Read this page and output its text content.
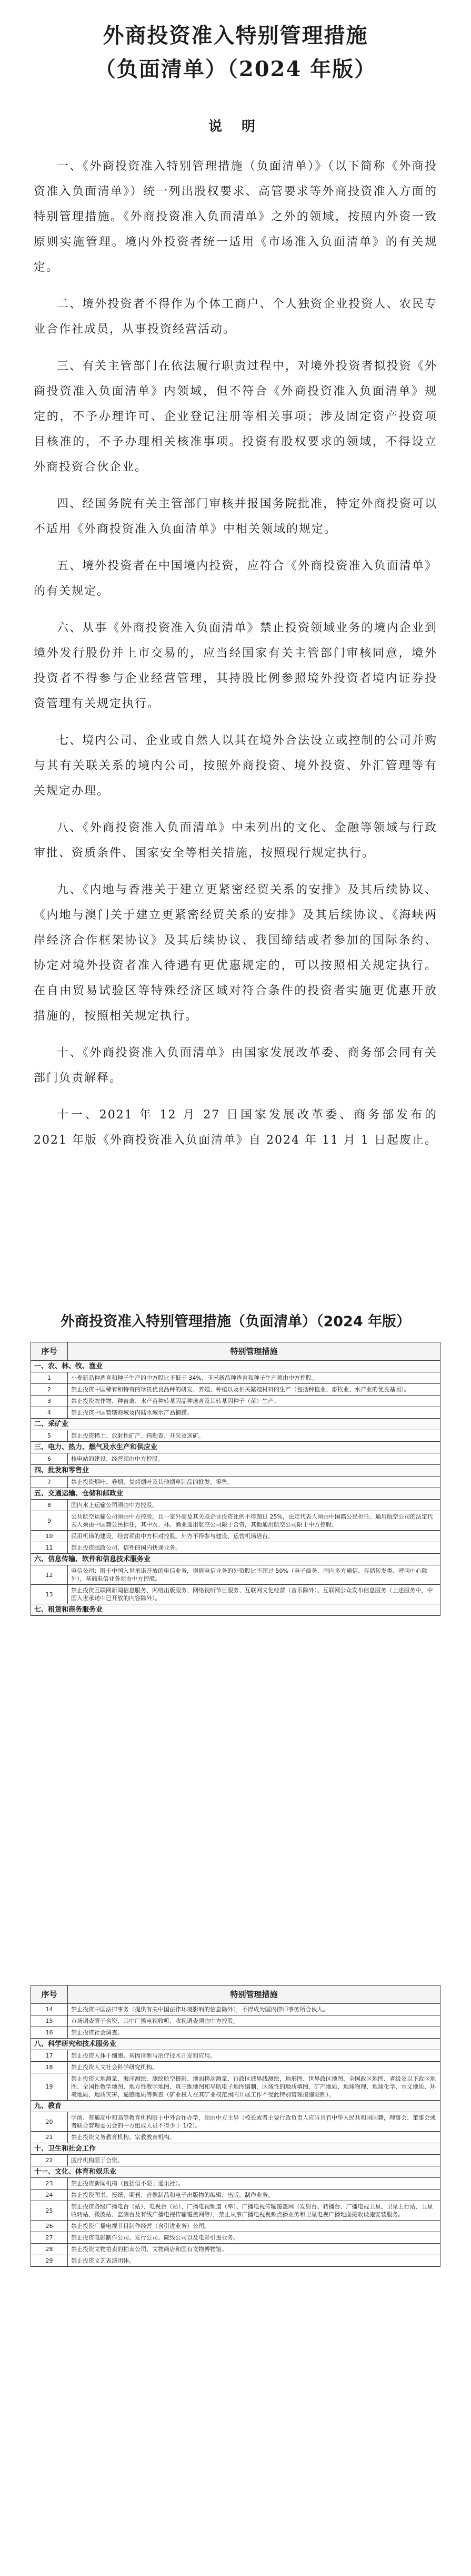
外商投资准入特别管理措施
（负面清单）（2024 年版）
说 明

一、《外商投资准入特别管理措施（负面清单）》（以下简称《外商投资准入负面清单》）统一列出股权要求、高管要求等外商投资准入方面的特别管理措施。《外商投资准入负面清单》之外的领域，按照内外资一致原则实施管理。境内外投资者统一适用《市场准入负面清单》的有关规定。

二、境外投资者不得作为个体工商户、个人独资企业投资人、农民专业合作社成员，从事投资经营活动。

三、有关主管部门在依法履行职责过程中，对境外投资者拟投资《外商投资准入负面清单》内领域，但不符合《外商投资准入负面清单》规定的，不予办理许可、企业登记注册等相关事项；涉及固定资产投资项目核准的，不予办理相关核准事项。投资有股权要求的领域，不得设立外商投资合伙企业。

四、经国务院有关主管部门审核并报国务院批准，特定外商投资可以不适用《外商投资准入负面清单》中相关领域的规定。

五、境外投资者在中国境内投资，应符合《外商投资准入负面清单》的有关规定。

六、从事《外商投资准入负面清单》禁止投资领域业务的境内企业到境外发行股份并上市交易的，应当经国家有关主管部门审核同意，境外投资者不得参与企业经营管理，其持股比例参照境外投资者境内证券投资管理有关规定执行。

七、境内公司、企业或自然人以其在境外合法设立或控制的公司并购与其有关联关系的境内公司，按照外商投资、境外投资、外汇管理等有关规定办理。

八、《外商投资准入负面清单》中未列出的文化、金融等领域与行政审批、资质条件、国家安全等相关措施，按照现行规定执行。

九、《内地与香港关于建立更紧密经贸关系的安排》及其后续协议、《内地与澳门关于建立更紧密经贸关系的安排》及其后续协议、《海峡两岸经济合作框架协议》及其后续协议、我国缔结或者参加的国际条约、协定对境外投资者准入待遇有更优惠规定的，可以按照相关规定执行。在自由贸易试验区等特殊经济区域对符合条件的投资者实施更优惠开放措施的，按照相关规定执行。

十、《外商投资准入负面清单》由国家发展改革委、商务部会同有关部门负责解释。

十一、2021 年 12 月 27 日国家发展改革委、商务部发布的 2021 年版《外商投资准入负面清单》自 2024 年 11 月 1 日起废止。

外商投资准入特别管理措施（负面清单）（2024 年版）
序号	特别管理措施
一、农、林、牧、渔业	
1	小麦新品种选育和种子生产的中方股比不低于 34%、玉米新品种选育和种子生产须由中方控股。
2	禁止投资中国稀有和特有的珍贵优良品种的研发、养殖、种植以及相关繁殖材料的生产（包括种植业、畜牧业、水产业的优良基因）。
3	禁止投资农作物、种畜禽、水产苗种转基因品种选育及其转基因种子（苗）生产。
4	禁止投资中国管辖海域及内陆水域水产品捕捞。
二、采矿业	
5	禁止投资稀土、放射性矿产、钨勘查、开采及选矿。
三、电力、热力、燃气及水生产和供应业	
6	核电站的建设、经营须由中方控股。
四、批发和零售业	
7	禁止投资烟叶、卷烟、复烤烟叶及其他烟草制品的批发、零售。
五、交通运输、仓储和邮政业	
8	国内水上运输公司须由中方控股。
9	公共航空运输公司须由中方控股，且一家外商及其关联企业投资比例不得超过 25%，法定代表人须由中国籍公民担任。通用航空公司的法定代表人须由中国籍公民担任，其中农、林、渔业通用航空公司限于合资，其他通用航空公司限于中方控股。
10	民用机场的建设、经营须由中方相对控股。外方不得参与建设、运营机场塔台。
11	禁止投资邮政公司、信件的国内快递业务。
六、信息传输、软件和信息技术服务业	
12	电信公司：限于中国入世承诺开放的电信业务，增值电信业务的外资股比不超过 50%（电子商务、国内多方通信、存储转发类、呼叫中心除外），基础电信业务须由中方控股。
13	禁止投资互联网新闻信息服务、网络出版服务、网络视听节目服务、互联网文化经营（音乐除外）、互联网公众发布信息服务（上述服务中，中国入世承诺中已开放的内容除外）。
七、租赁和商务服务业	
序号	特别管理措施
14	禁止投资中国法律事务（提供有关中国法律环境影响的信息除外），不得成为国内律师事务所合伙人。
15	市场调查限于合资，其中广播电视收听、收视调查须由中方控股。
16	禁止投资社会调查。
八、科学研究和技术服务业	
17	禁止投资人体干细胞、基因诊断与治疗技术开发和应用。
18	禁止投资人文社会科学研究机构。
19	禁止投资大地测量、海洋测绘、测绘航空摄影、地面移动测量、行政区域界线测绘，地形图、世界政区地图、全国政区地图、省级及以下政区地图、全国性教学地图、地方性教学地图、真三维地图和导航电子地图编制，区域性的地质填图、矿产地质、地球物理、地球化学、水文地质、环境地质、地质灾害、遥感地质等调查（矿业权人在其矿业权范围内开展工作不受此特别管理措施限制）。
九、教育	
20	学前、普通高中和高等教育机构限于中外合作办学，须由中方主导（校长或者主要行政负责人应当具有中华人民共和国国籍，理事会、董事会或者联合管理委员会的中方组成人员不得少于 1/2）。
21	禁止投资义务教育机构、宗教教育机构。
十、卫生和社会工作	
22	医疗机构限于合资。
十一、文化、体育和娱乐业	
23	禁止投资新闻机构（包括但不限于通讯社）。
24	禁止投资图书、报纸、期刊、音像制品和电子出版物的编辑、出版、制作业务。
25	禁止投资各级广播电台（站）、电视台（站）、广播电视频道（率）、广播电视传输覆盖网（发射台、转播台、广播电视卫星、卫星上行站、卫星收转站、微波站、监测台及有线广播电视传输覆盖网等），禁止从事广播电视视频点播业务和卫星电视广播地面接收设施安装服务。
26	禁止投资广播电视节目制作经营（含引进业务）公司。
27	禁止投资电影制作公司、发行公司、院线公司以及电影引进业务。
28	禁止投资文物拍卖的拍卖公司、文物商店和国有文物博物馆。
29	禁止投资文艺表演团体。
